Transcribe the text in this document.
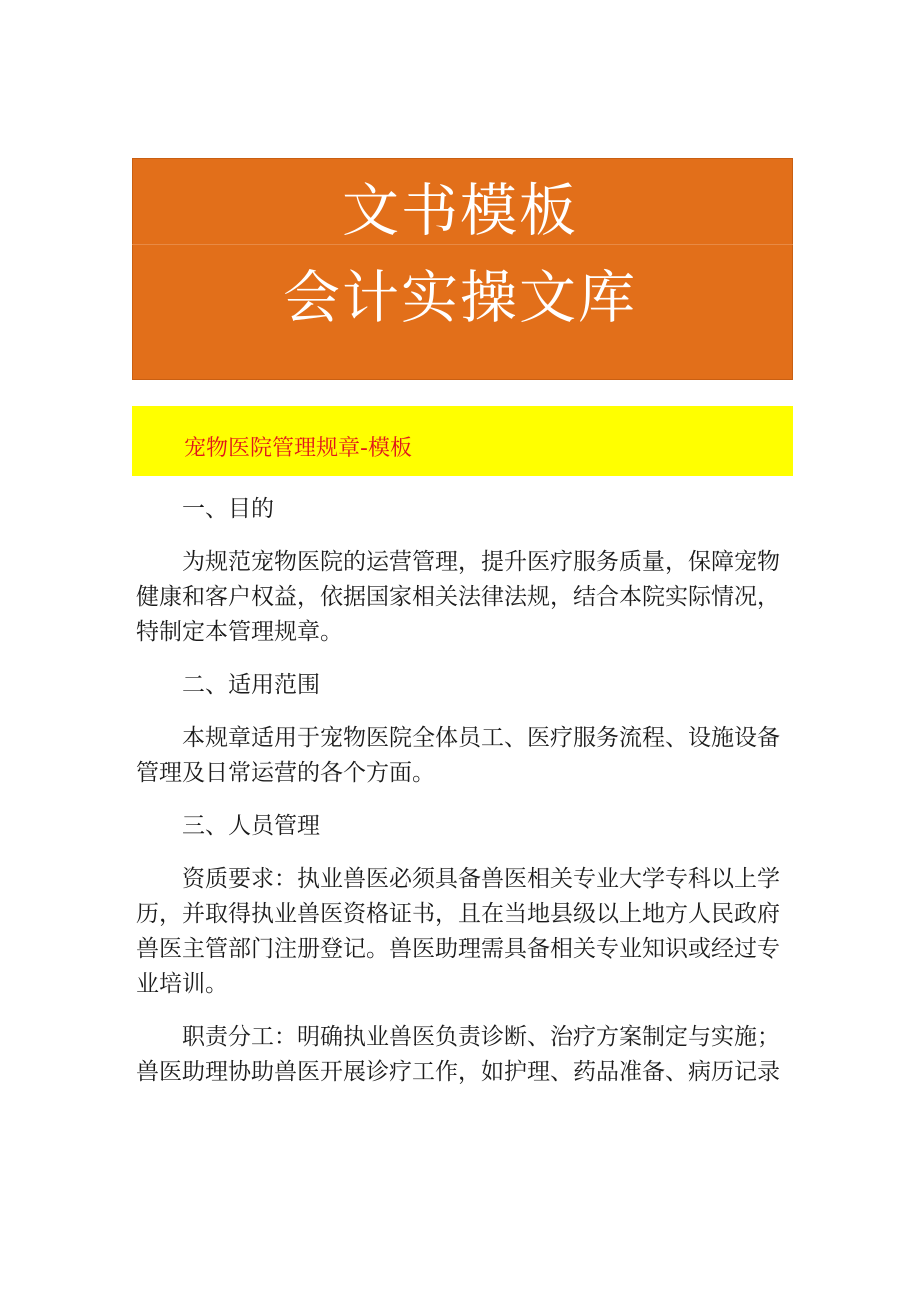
文书模板
会计实操文库
宠物医院管理规章-模板

一、目的

为规范宠物医院的运营管理，提升医疗服务质量，保障宠物
健康和客户权益，依据国家相关法律法规，结合本院实际情况，
特制定本管理规章。

二、适用范围

本规章适用于宠物医院全体员工、医疗服务流程、设施设备
管理及日常运营的各个方面。

三、人员管理

资质要求：执业兽医必须具备兽医相关专业大学专科以上学
历，并取得执业兽医资格证书，且在当地县级以上地方人民政府
兽医主管部门注册登记。兽医助理需具备相关专业知识或经过专
业培训。

职责分工：明确执业兽医负责诊断、治疗方案制定与实施；
兽医助理协助兽医开展诊疗工作，如护理、药品准备、病历记录
